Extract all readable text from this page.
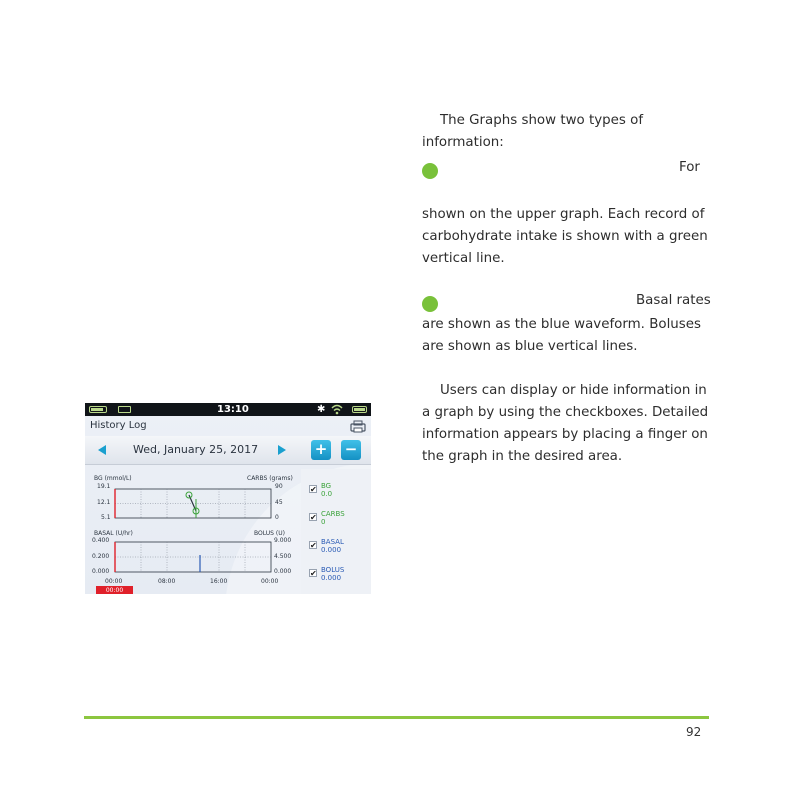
The Graphs show two types of information:

For

shown on the upper graph. Each record of carbohydrate intake is shown with a green vertical line.

Basal rates

are shown as the blue waveform. Boluses are shown as blue vertical lines.

Users can display or hide information in a graph by using the checkboxes. Detailed information appears by placing a finger on the graph in the desired area.

13:10	✱
History Log
Wed, January 25, 2017	+ −
BG (mmol/L)	CARBS (grams)
19.1
12.1
5.1
90
45
0
BASAL (U/hr)	BOLUS (U)
0.400
0.200
0.000
9.000
4.500
0.000
00:00	08:00	16:00	00:00
00:00
✔ BG
0.0
✔ CARBS
0
✔ BASAL
0.000
✔ BOLUS
0.000
92
